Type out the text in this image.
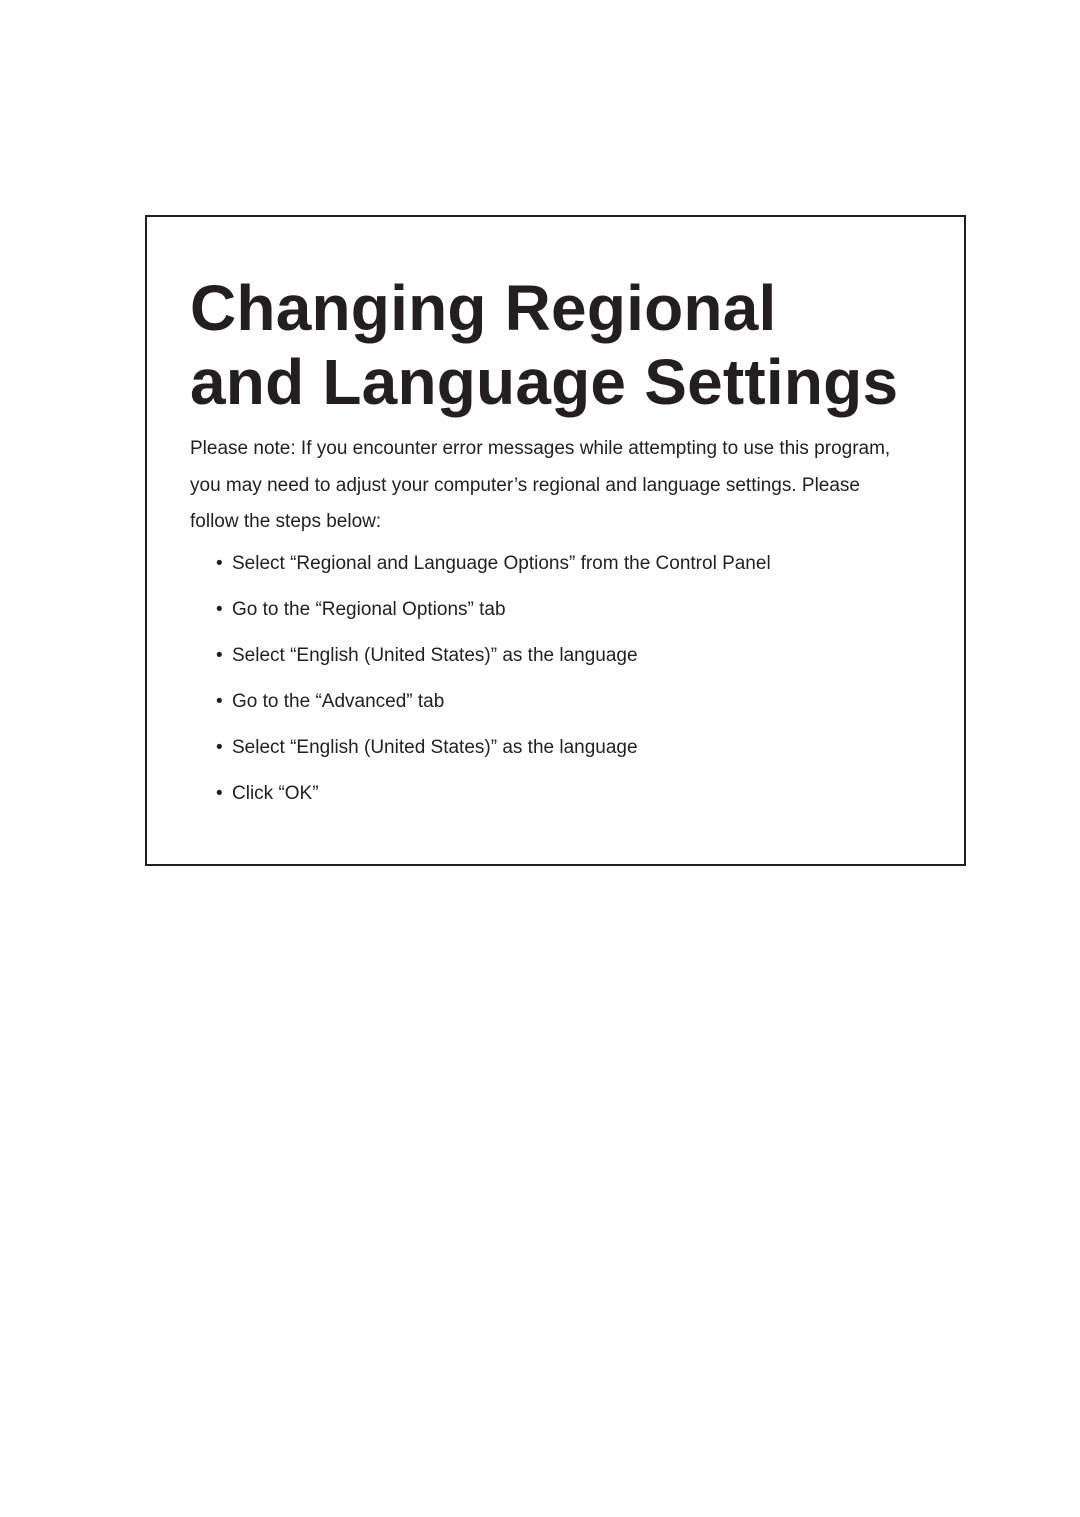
Changing Regional
and Language Settings

Please note: If you encounter error messages while attempting to use this program,
you may need to adjust your computer’s regional and language settings. Please
follow the steps below:

• Select “Regional and Language Options” from the Control Panel
• Go to the “Regional Options” tab
• Select “English (United States)” as the language
• Go to the “Advanced” tab
• Select “English (United States)” as the language
• Click “OK”
